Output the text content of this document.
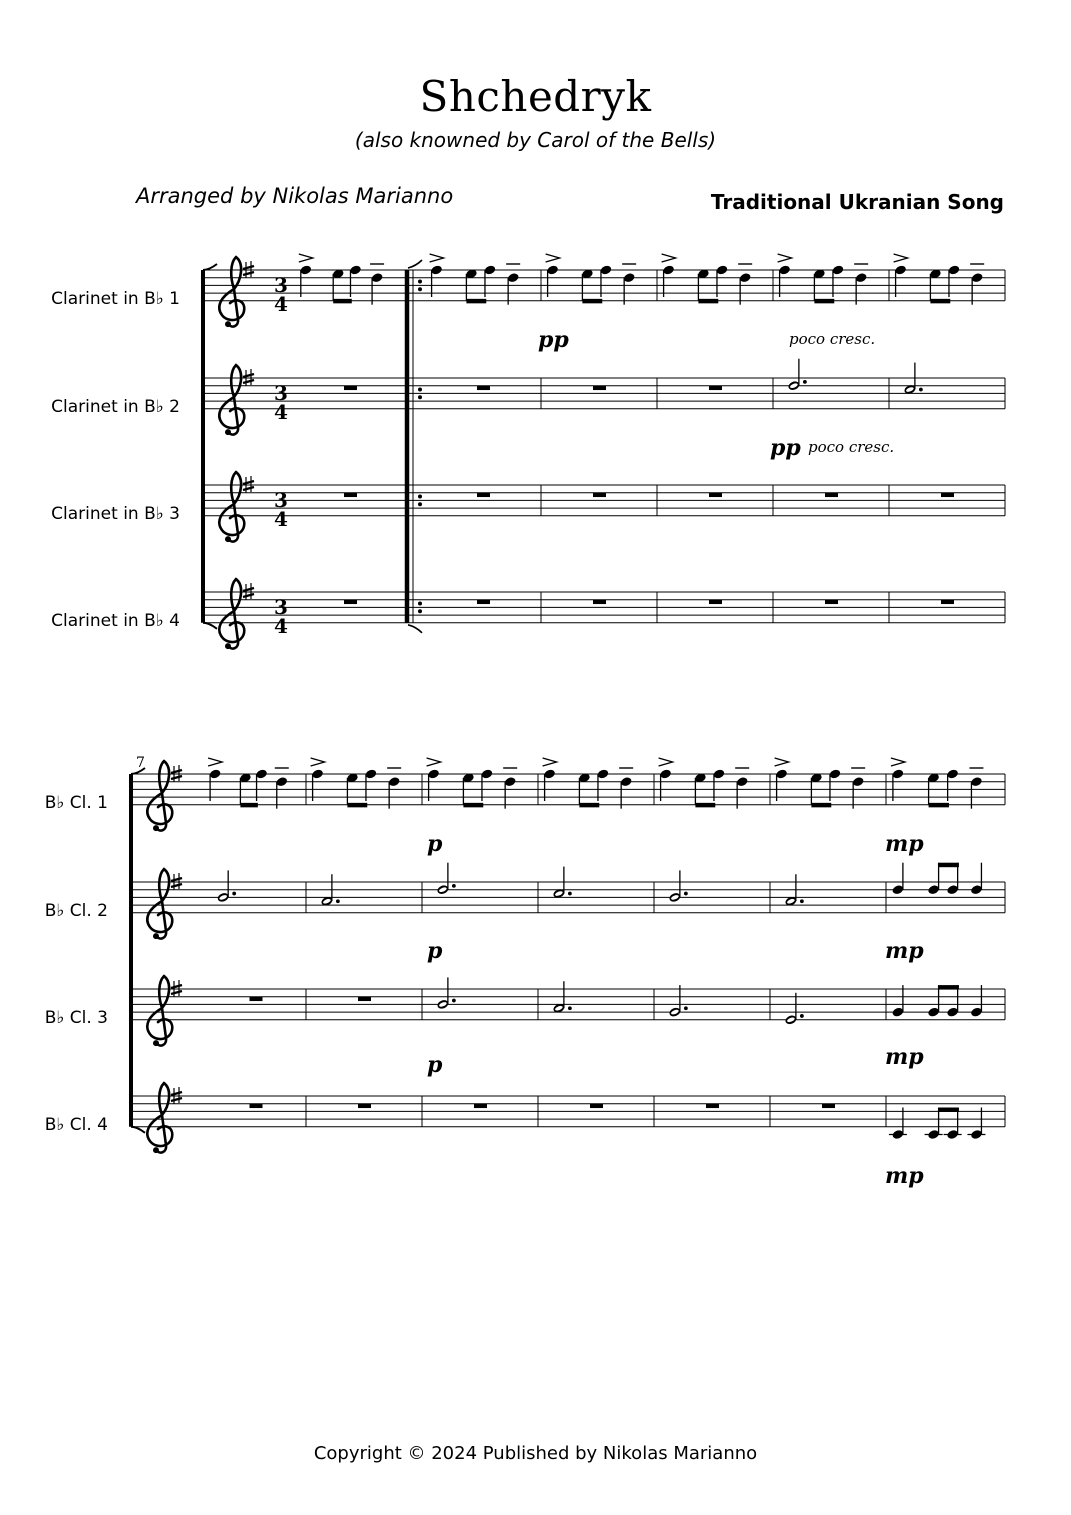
Shchedryk
(also knowned by Carol of the Bells)
Arranged by Nikolas Marianno	Traditional Ukranian Song
Clarinet in B♭ 1
Clarinet in B♭ 2
Clarinet in B♭ 3
Clarinet in B♭ 4
B♭ Cl. 1
B♭ Cl. 2
B♭ Cl. 3
B♭ Cl. 4
3
4
3
4
3
4
3
4
pp	poco cresc.
pp poco cresc.
7
p	mp
p	mp
p	mp
mp
Copyright © 2024 Published by Nikolas Marianno
